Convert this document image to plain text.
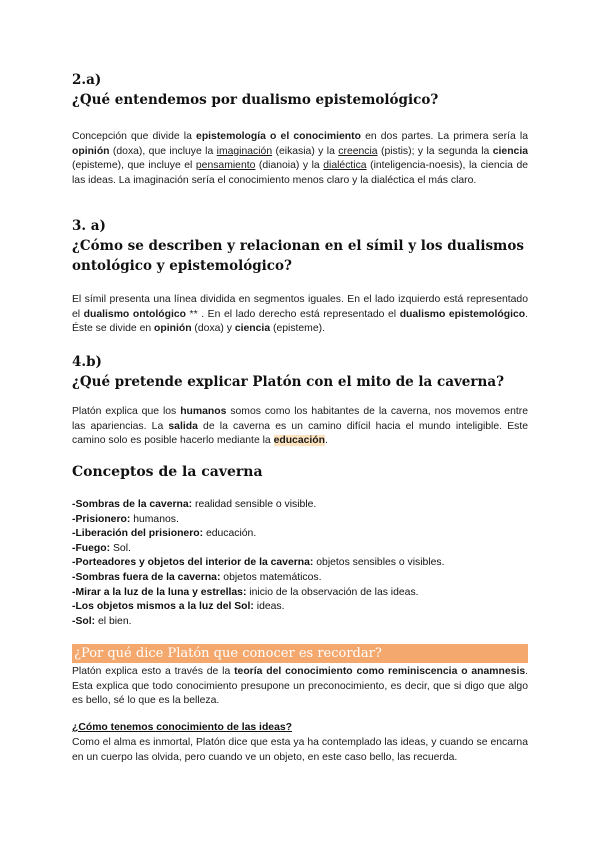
2.a)

¿Qué entendemos por dualismo epistemológico?

Concepción que divide la epistemología o el conocimiento en dos partes. La primera sería la opinión (doxa), que incluye la imaginación (eikasia) y la creencia (pistis); y la segunda la ciencia (episteme), que incluye el pensamiento (dianoia) y la dialéctica (inteligencia-noesis), la ciencia de las ideas. La imaginación sería el conocimiento menos claro y la dialéctica el más claro.

3. a)

¿Cómo se describen y relacionan en el símil y los dualismos ontológico y epistemológico?

El símil presenta una línea dividida en segmentos iguales. En el lado izquierdo está representado el dualismo ontológico ** . En el lado derecho está representado el dualismo epistemológico. Éste se divide en opinión (doxa) y ciencia (episteme).

4.b)

¿Qué pretende explicar Platón con el mito de la caverna?

Platón explica que los humanos somos como los habitantes de la caverna, nos movemos entre las apariencias. La salida de la caverna es un camino difícil hacia el mundo inteligible. Este camino solo es posible hacerlo mediante la educación.

Conceptos de la caverna

-Sombras de la caverna: realidad sensible o visible.
-Prisionero: humanos.
-Liberación del prisionero: educación.
-Fuego: Sol.
-Porteadores y objetos del interior de la caverna: objetos sensibles o visibles.
-Sombras fuera de la caverna: objetos matemáticos.
-Mirar a la luz de la luna y estrellas: inicio de la observación de las ideas.
-Los objetos mismos a la luz del Sol: ideas.
-Sol: el bien.

¿Por qué dice Platón que conocer es recordar?

Platón explica esto a través de la teoría del conocimiento como reminiscencia o anamnesis. Esta explica que todo conocimiento presupone un preconocimiento, es decir, que si digo que algo es bello, sé lo que es la belleza.

¿Cómo tenemos conocimiento de las ideas?

Como el alma es inmortal, Platón dice que esta ya ha contemplado las ideas, y cuando se encarna en un cuerpo las olvida, pero cuando ve un objeto, en este caso bello, las recuerda.
